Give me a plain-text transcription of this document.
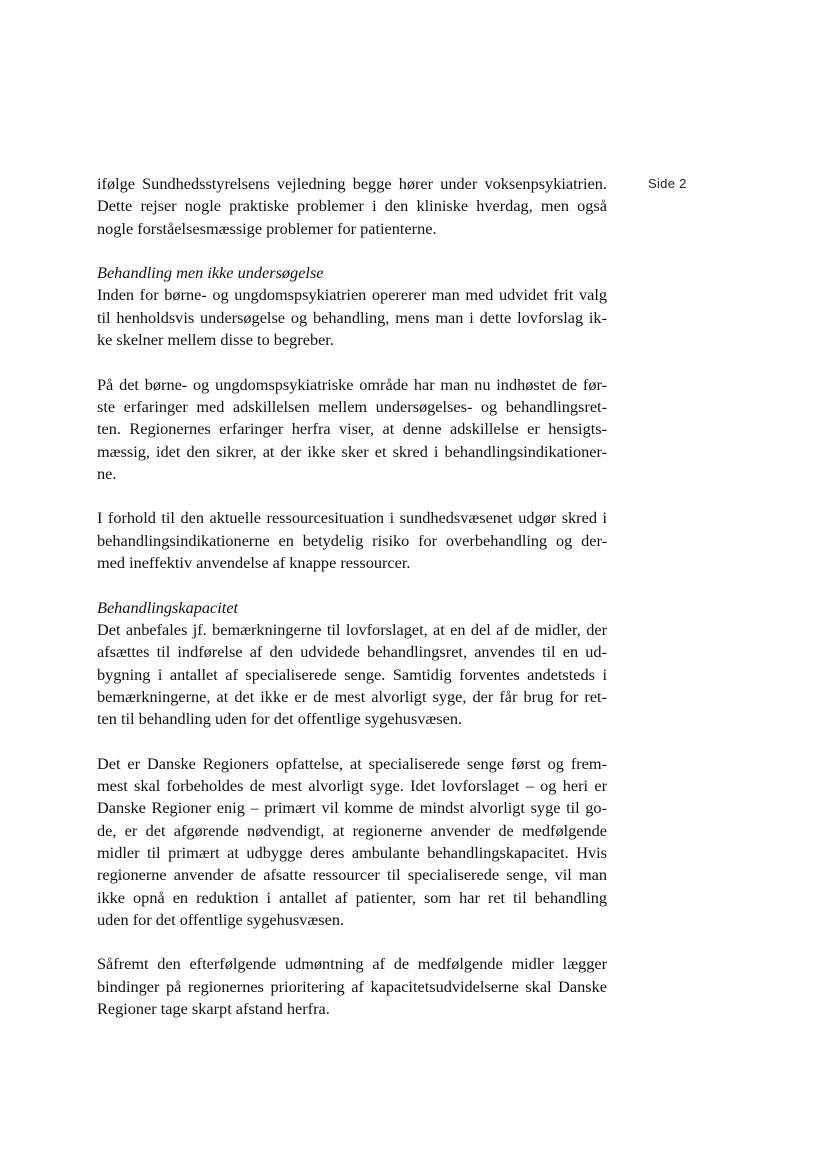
Side 2
ifølge Sundhedsstyrelsens vejledning begge hører under voksenpsykiatrien.
Dette rejser nogle praktiske problemer i den kliniske hverdag, men også
nogle forståelsesmæssige problemer for patienterne.
Behandling men ikke undersøgelse
Inden for børne- og ungdomspsykiatrien opererer man med udvidet frit valg
til henholdsvis undersøgelse og behandling, mens man i dette lovforslag ik-
ke skelner mellem disse to begreber.
På det børne- og ungdomspsykiatriske område har man nu indhøstet de før-
ste erfaringer med adskillelsen mellem undersøgelses- og behandlingsret-
ten. Regionernes erfaringer herfra viser, at denne adskillelse er hensigts-
mæssig, idet den sikrer, at der ikke sker et skred i behandlingsindikationer-
ne.
I forhold til den aktuelle ressourcesituation i sundhedsvæsenet udgør skred i
behandlingsindikationerne en betydelig risiko for overbehandling og der-
med ineffektiv anvendelse af knappe ressourcer.
Behandlingskapacitet
Det anbefales jf. bemærkningerne til lovforslaget, at en del af de midler, der
afsættes til indførelse af den udvidede behandlingsret, anvendes til en ud-
bygning i antallet af specialiserede senge. Samtidig forventes andetsteds i
bemærkningerne, at det ikke er de mest alvorligt syge, der får brug for ret-
ten til behandling uden for det offentlige sygehusvæsen.
Det er Danske Regioners opfattelse, at specialiserede senge først og frem-
mest skal forbeholdes de mest alvorligt syge. Idet lovforslaget – og heri er
Danske Regioner enig – primært vil komme de mindst alvorligt syge til go-
de, er det afgørende nødvendigt, at regionerne anvender de medfølgende
midler til primært at udbygge deres ambulante behandlingskapacitet. Hvis
regionerne anvender de afsatte ressourcer til specialiserede senge, vil man
ikke opnå en reduktion i antallet af patienter, som har ret til behandling
uden for det offentlige sygehusvæsen.
Såfremt den efterfølgende udmøntning af de medfølgende midler lægger
bindinger på regionernes prioritering af kapacitetsudvidelserne skal Danske
Regioner tage skarpt afstand herfra.
